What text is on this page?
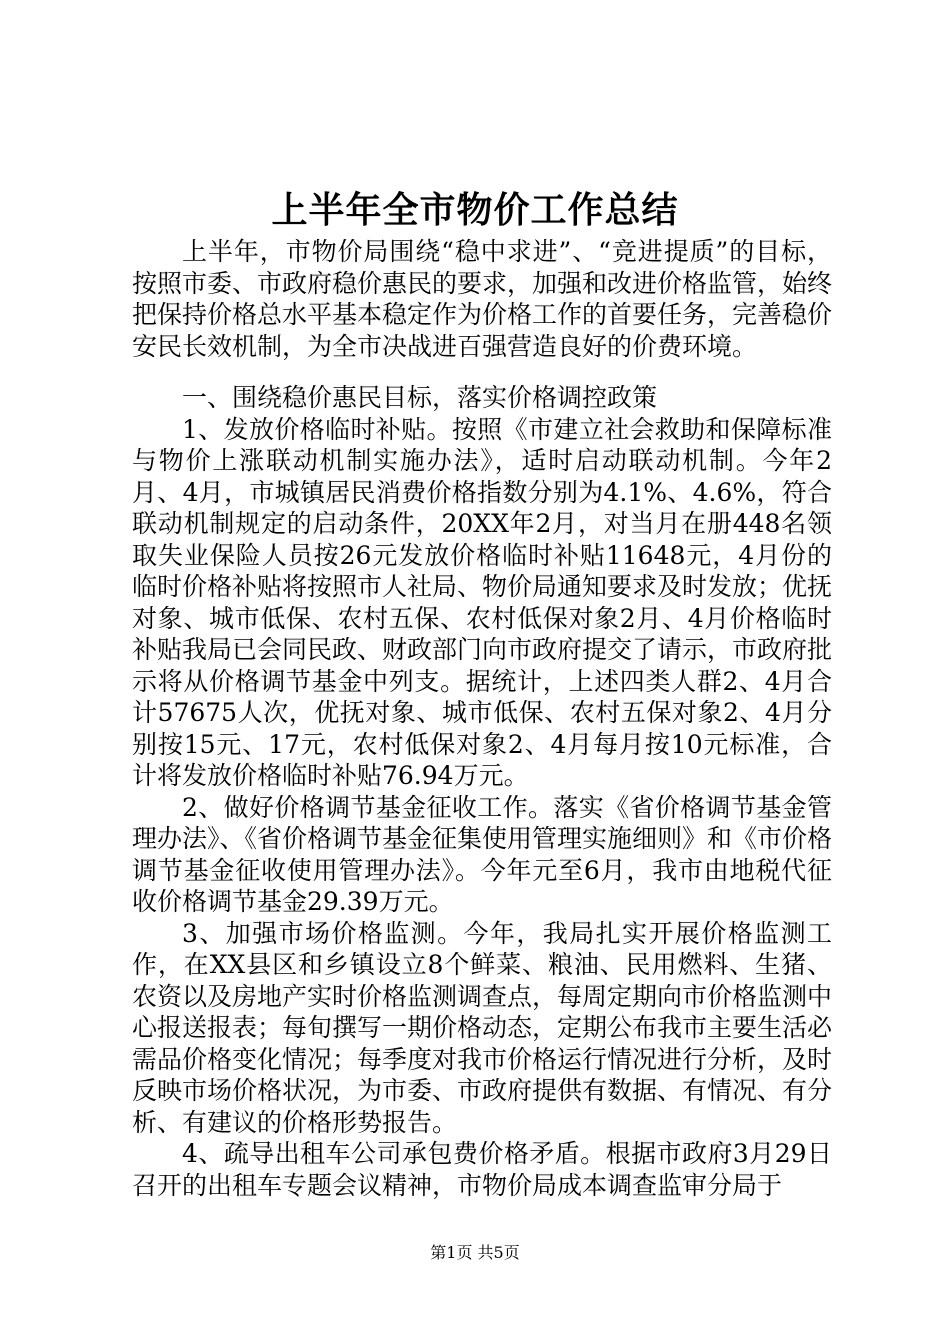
上半年全市物价工作总结

上半年，市物价局围绕“稳中求进”、“竞进提质”的目标，按照市委、市政府稳价惠民的要求，加强和改进价格监管，始终把保持价格总水平基本稳定作为价格工作的首要任务，完善稳价安民长效机制，为全市决战进百强营造良好的价费环境。

一、围绕稳价惠民目标，落实价格调控政策

1、发放价格临时补贴。按照《市建立社会救助和保障标准与物价上涨联动机制实施办法》，适时启动联动机制。今年2月、4月，市城镇居民消费价格指数分别为4.1%、4.6%，符合联动机制规定的启动条件，20XX年2月，对当月在册448名领取失业保险人员按26元发放价格临时补贴11648元，4月份的临时价格补贴将按照市人社局、物价局通知要求及时发放；优抚对象、城市低保、农村五保、农村低保对象2月、4月价格临时补贴我局已会同民政、财政部门向市政府提交了请示，市政府批示将从价格调节基金中列支。据统计，上述四类人群2、4月合计57675人次，优抚对象、城市低保、农村五保对象2、4月分别按15元、17元，农村低保对象2、4月每月按10元标准，合计将发放价格临时补贴76.94万元。

2、做好价格调节基金征收工作。落实《省价格调节基金管理办法》、《省价格调节基金征集使用管理实施细则》和《市价格调节基金征收使用管理办法》。今年元至6月，我市由地税代征收价格调节基金29.39万元。

3、加强市场价格监测。今年，我局扎实开展价格监测工作，在XX县区和乡镇设立8个鲜菜、粮油、民用燃料、生猪、农资以及房地产实时价格监测调查点，每周定期向市价格监测中心报送报表；每旬撰写一期价格动态，定期公布我市主要生活必需品价格变化情况；每季度对我市价格运行情况进行分析，及时反映市场价格状况，为市委、市政府提供有数据、有情况、有分析、有建议的价格形势报告。

4、疏导出租车公司承包费价格矛盾。根据市政府3月29日召开的出租车专题会议精神，市物价局成本调查监审分局于

第1页 共5页
